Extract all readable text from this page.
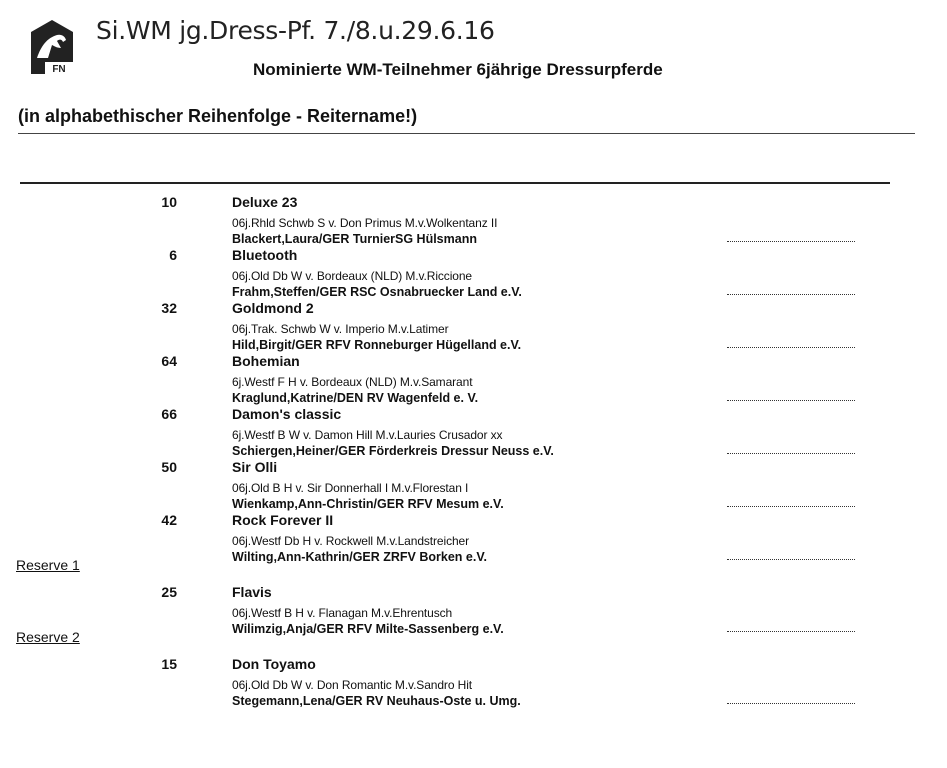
FN
Si.WM jg.Dress-Pf. 7./8.u.29.6.16
Nominierte WM-Teilnehmer 6jährige Dressurpferde
(in alphabethischer Reihenfolge - Reitername!)
10	Deluxe 23
06j.Rhld Schwb S v. Don Primus M.v.Wolkentanz II
Blackert,Laura/GER TurnierSG Hülsmann
6	Bluetooth
06j.Old Db W v. Bordeaux (NLD) M.v.Riccione
Frahm,Steffen/GER RSC Osnabruecker Land e.V.
32	Goldmond 2
06j.Trak. Schwb W v. Imperio M.v.Latimer
Hild,Birgit/GER RFV Ronneburger Hügelland e.V.
64	Bohemian
6j.Westf F H v. Bordeaux (NLD) M.v.Samarant
Kraglund,Katrine/DEN RV Wagenfeld e. V.
66	Damon's classic
6j.Westf B W v. Damon Hill M.v.Lauries Crusador xx
Schiergen,Heiner/GER Förderkreis Dressur Neuss e.V.
50	Sir Olli
06j.Old B H v. Sir Donnerhall I M.v.Florestan I
Wienkamp,Ann-Christin/GER RFV Mesum e.V.
42	Rock Forever II
06j.Westf Db H v. Rockwell M.v.Landstreicher
Wilting,Ann-Kathrin/GER ZRFV Borken e.V.
Reserve 1
25	Flavis
06j.Westf B H v. Flanagan M.v.Ehrentusch
Wilimzig,Anja/GER RFV Milte-Sassenberg e.V.
Reserve 2
15	Don Toyamo
06j.Old Db W v. Don Romantic M.v.Sandro Hit
Stegemann,Lena/GER RV Neuhaus-Oste u. Umg.
